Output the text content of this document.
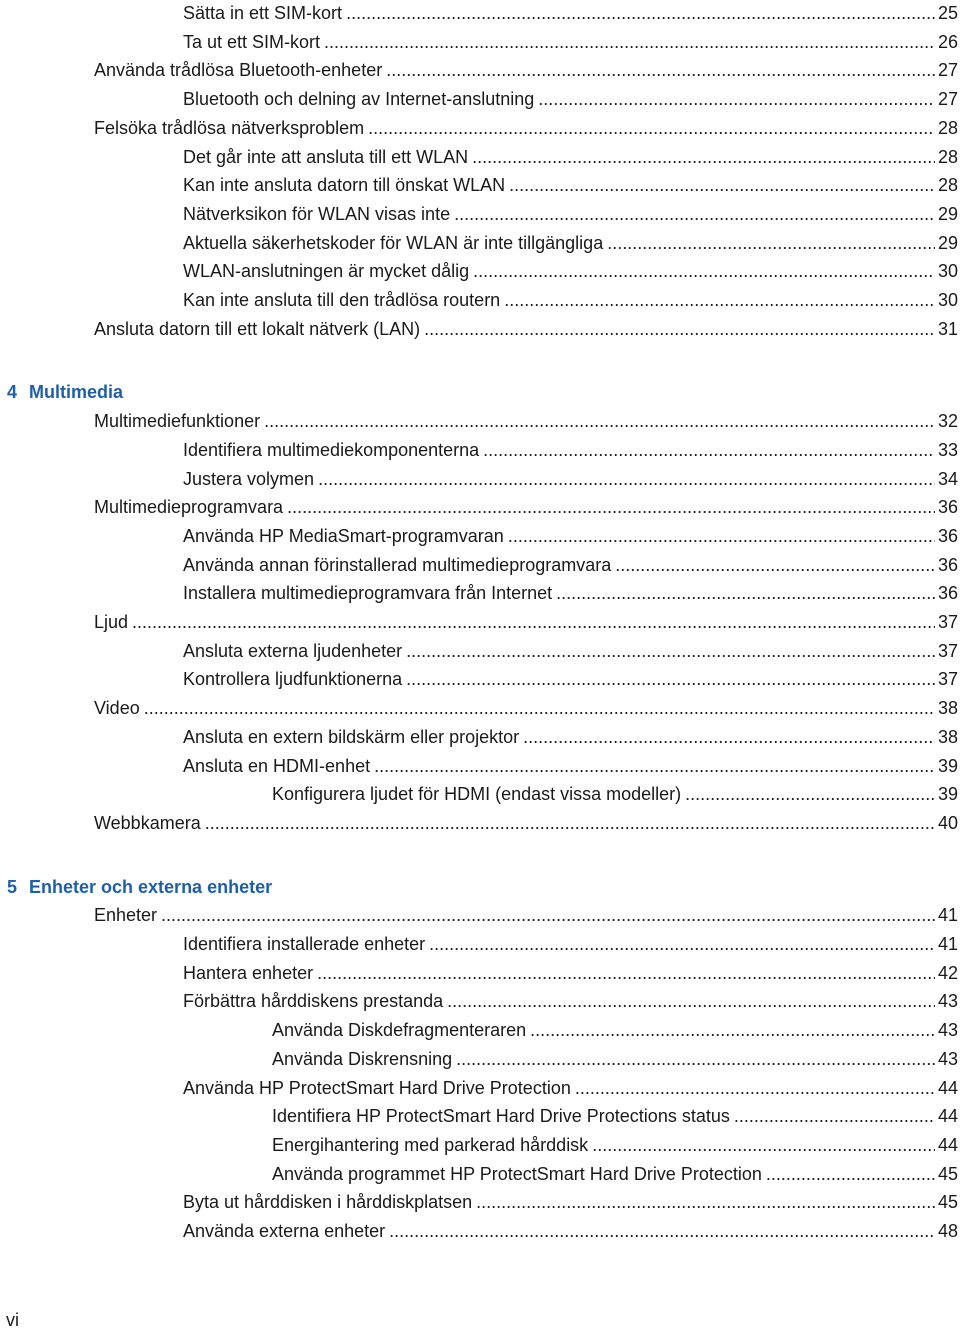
Sätta in ett SIM-kort .....	25
Ta ut ett SIM-kort .....	26
Använda trådlösa Bluetooth-enheter .....	27
Bluetooth och delning av Internet-anslutning .....	27
Felsöka trådlösa nätverksproblem .....	28
Det går inte att ansluta till ett WLAN .....	28
Kan inte ansluta datorn till önskat WLAN .....	28
Nätverksikon för WLAN visas inte .....	29
Aktuella säkerhetskoder för WLAN är inte tillgängliga .....	29
WLAN-anslutningen är mycket dålig .....	30
Kan inte ansluta till den trådlösa routern .....	30
Ansluta datorn till ett lokalt nätverk (LAN) .....	31
4 Multimedia
Multimediefunktioner .....	32
Identifiera multimediekomponenterna .....	33
Justera volymen .....	34
Multimedieprogramvara .....	36
Använda HP MediaSmart-programvaran .....	36
Använda annan förinstallerad multimedieprogramvara .....	36
Installera multimedieprogramvara från Internet .....	36
Ljud .....	37
Ansluta externa ljudenheter .....	37
Kontrollera ljudfunktionerna .....	37
Video .....	38
Ansluta en extern bildskärm eller projektor .....	38
Ansluta en HDMI-enhet .....	39
Konfigurera ljudet för HDMI (endast vissa modeller) .....	39
Webbkamera .....	40
5 Enheter och externa enheter
Enheter .....	41
Identifiera installerade enheter .....	41
Hantera enheter .....	42
Förbättra hårddiskens prestanda .....	43
Använda Diskdefragmenteraren .....	43
Använda Diskrensning .....	43
Använda HP ProtectSmart Hard Drive Protection .....	44
Identifiera HP ProtectSmart Hard Drive Protections status .....	44
Energihantering med parkerad hårddisk .....	44
Använda programmet HP ProtectSmart Hard Drive Protection .....	45
Byta ut hårddisken i hårddiskplatsen .....	45
Använda externa enheter .....	48
vi
